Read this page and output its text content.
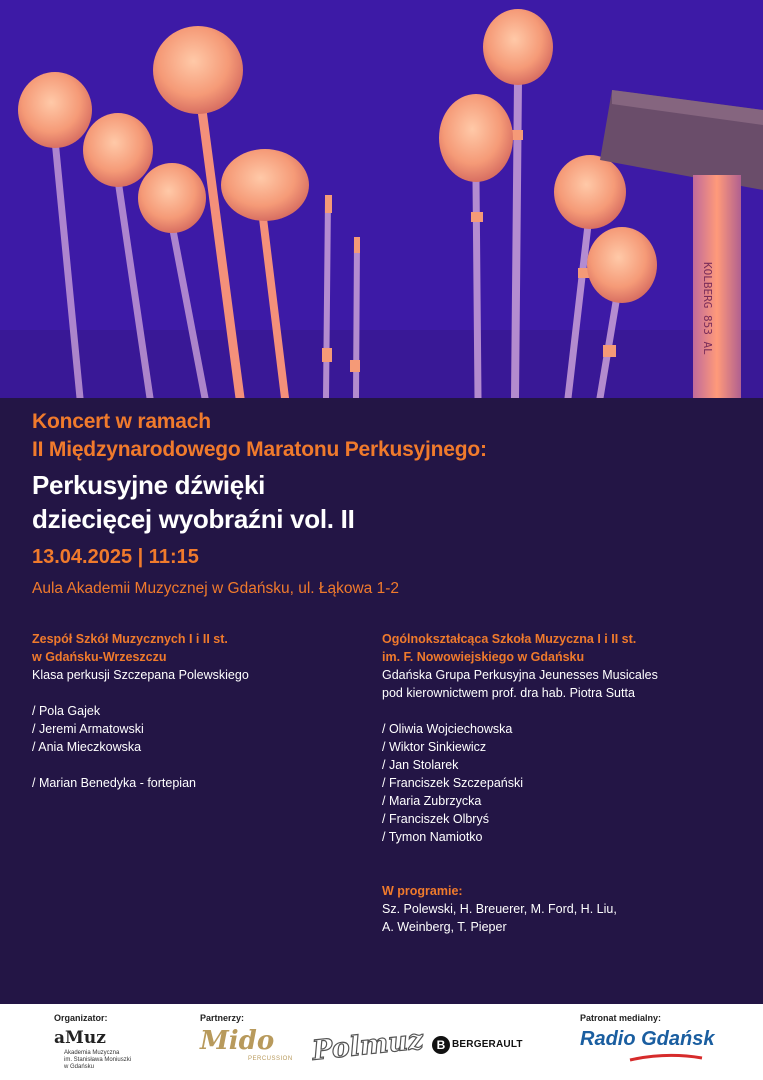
KOLBERG 853 AL

Koncert w ramach

II Międzynarodowego Maratonu Perkusyjnego:

Perkusyjne dźwięki

dziecięcej wyobraźni vol. II

13.04.2025 | 11:15

Aula Akademii Muzycznej w Gdańsku, ul. Łąkowa 1-2

Zespół Szkół Muzycznych I i II st.
w Gdańsku-Wrzeszczu
Klasa perkusji Szczepana Polewskiego
/ Pola Gajek
/ Jeremi Armatowski
/ Ania Mieczkowska
/ Marian Benedyka - fortepian
Ogólnokształcąca Szkoła Muzyczna I i II st.
im. F. Nowowiejskiego w Gdańsku
Gdańska Grupa Perkusyjna Jeunesses Musicales
pod kierownictwem prof. dra hab. Piotra Sutta
/ Oliwia Wojciechowska
/ Wiktor Sinkiewicz
/ Jan Stolarek
/ Franciszek Szczepański
/ Maria Zubrzycka
/ Franciszek Olbryś
/ Tymon Namiotko
W programie:
Sz. Polewski, H. Breuerer, M. Ford, H. Liu,
A. Weinberg, T. Pieper
Organizator:
aMuz
Akademia Muzyczna
im. Stanisława Moniuszki
w Gdańsku
Partnerzy:
Mido
PERCUSSION Polmuz B BERGERAULT
Patronat medialny:
Radio Gdańsk
